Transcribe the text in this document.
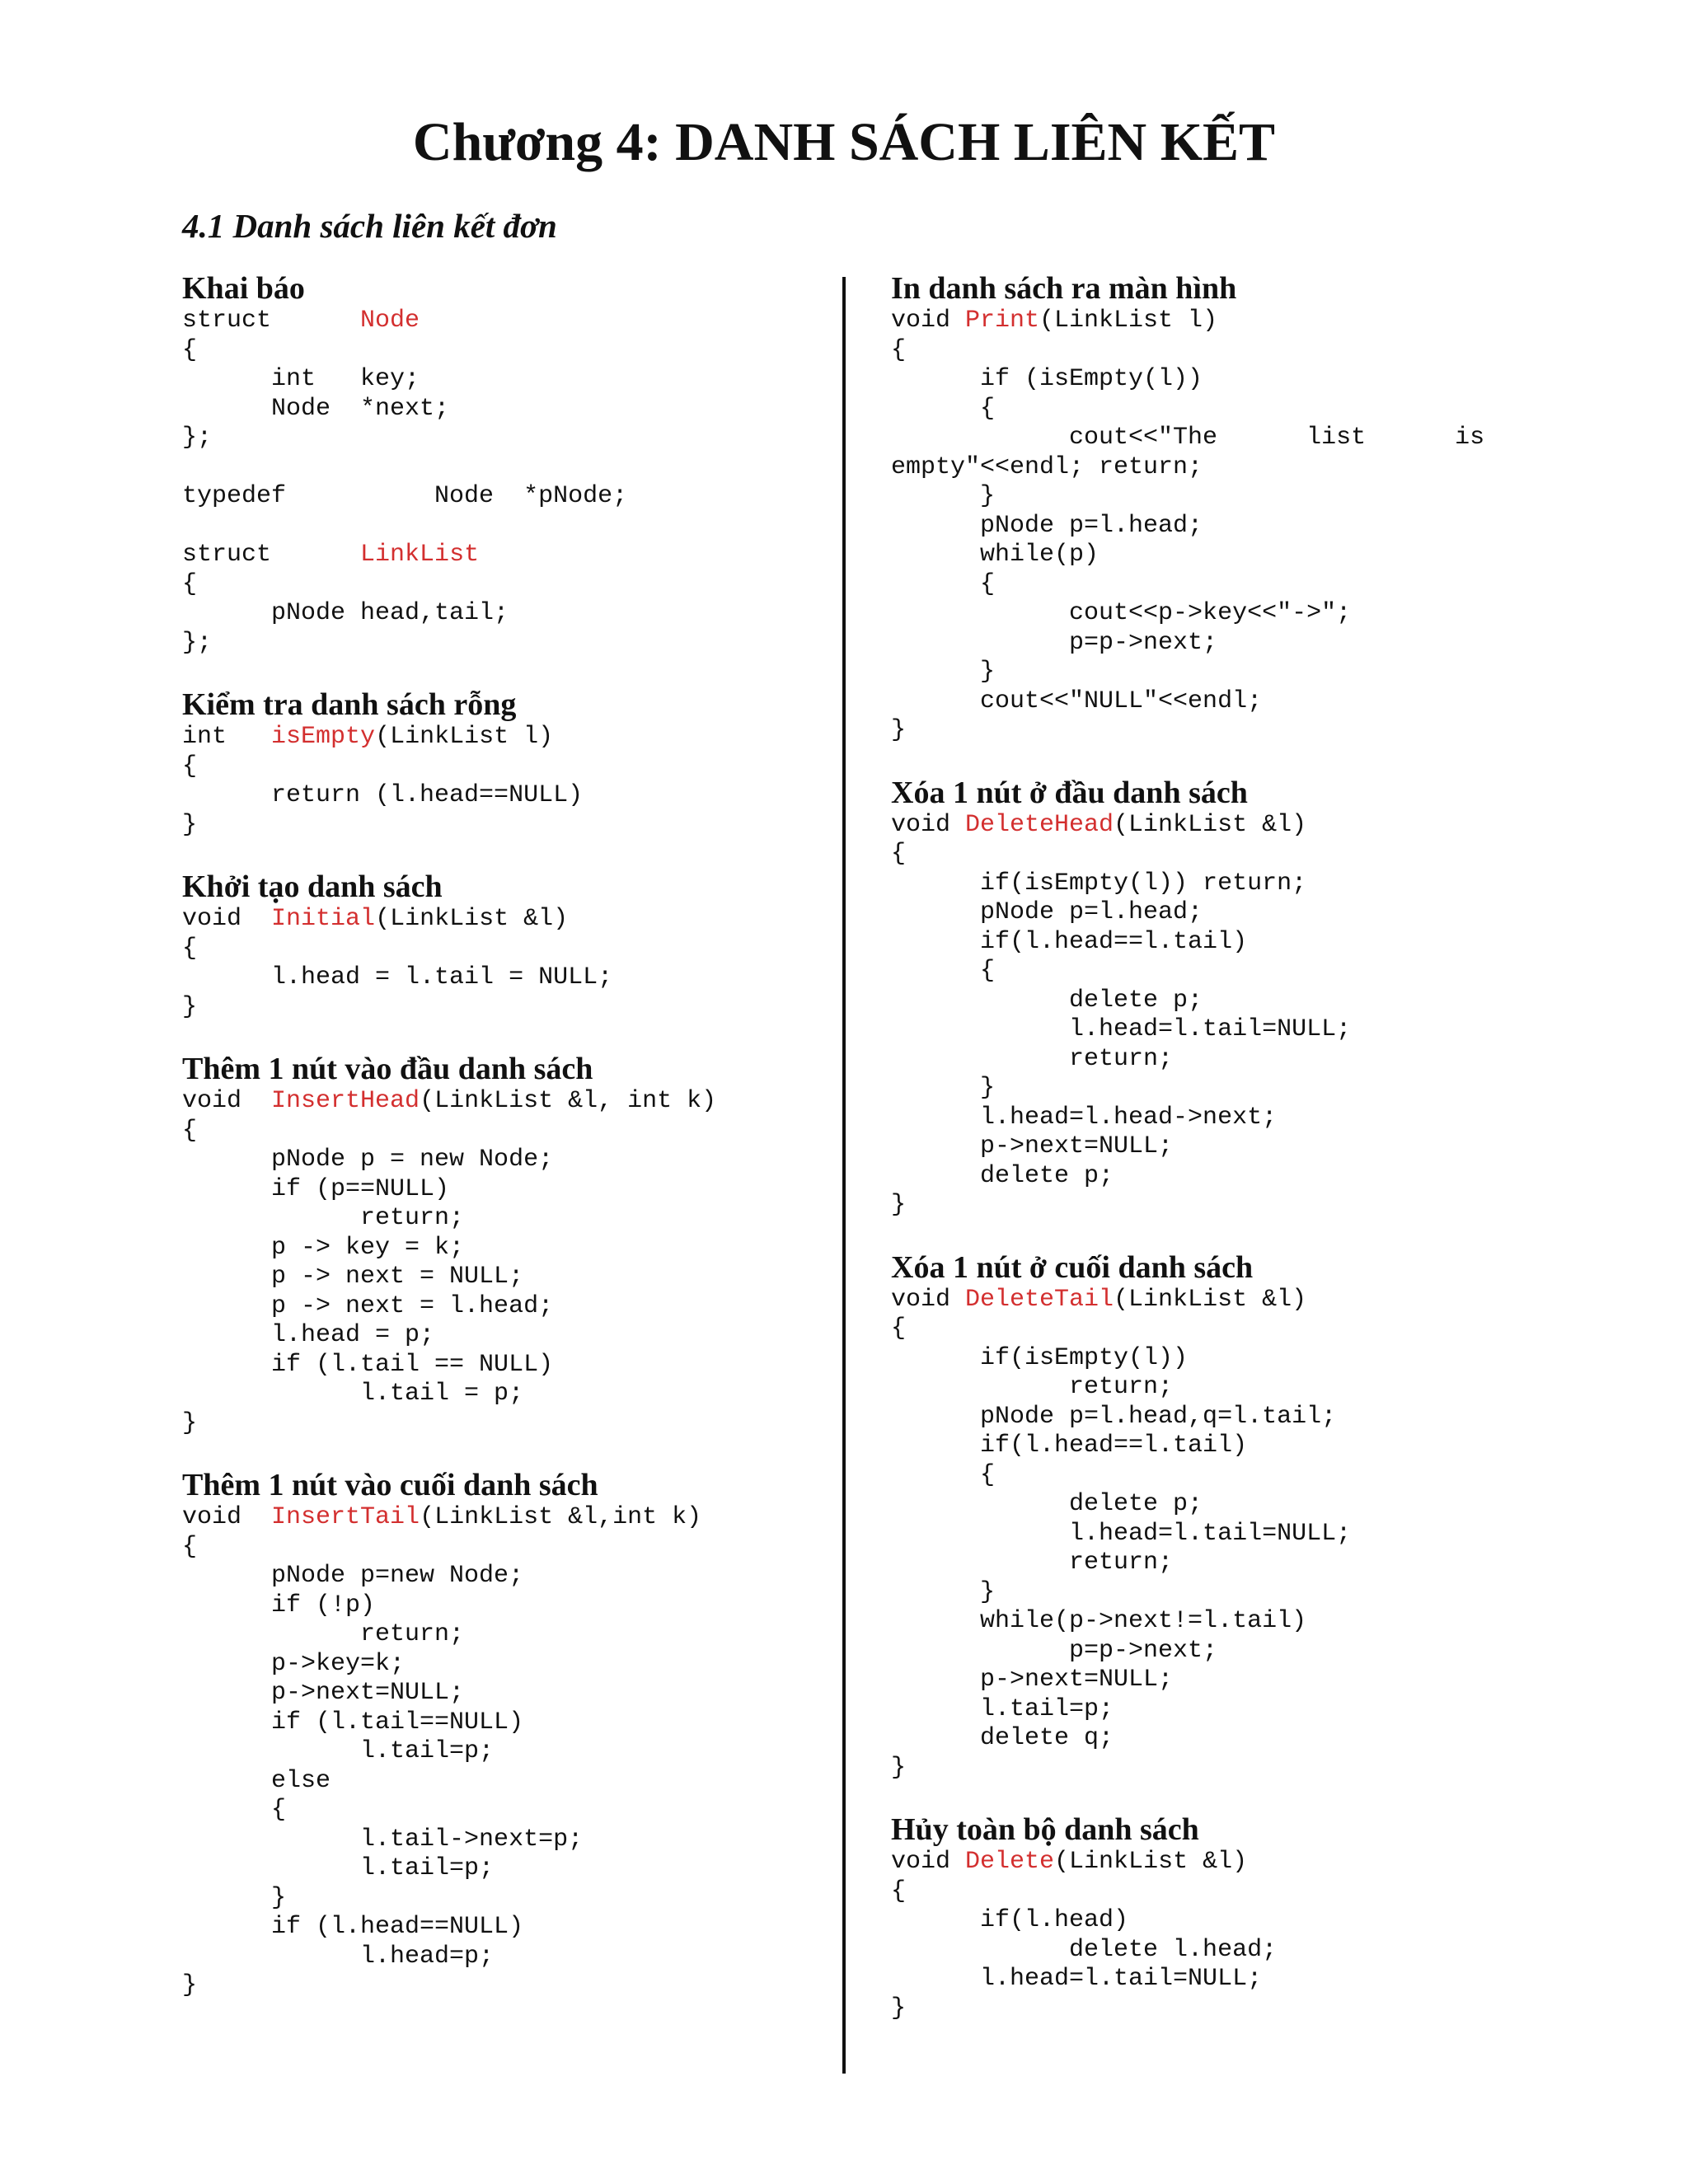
Chương 4: DANH SÁCH LIÊN KẾT
4.1 Danh sách liên kết đơn
Khai báo
struct      Node
{
int   key;
Node  *next;
};
typedef          Node  *pNode;
struct      LinkList
{
pNode head,tail;
};
Kiểm tra danh sách rỗng
int   isEmpty(LinkList l)
{
return (l.head==NULL)
}
Khởi tạo danh sách
void  Initial(LinkList &l)
{
l.head = l.tail = NULL;
}
Thêm 1 nút vào đầu danh sách
void  InsertHead(LinkList &l, int k)
{
pNode p = new Node;
if (p==NULL)
return;
p -> key = k;
p -> next = NULL;
p -> next = l.head;
l.head = p;
if (l.tail == NULL)
l.tail = p;
}
Thêm 1 nút vào cuối danh sách
void  InsertTail(LinkList &l,int k)
{
pNode p=new Node;
if (!p)
return;
p->key=k;
p->next=NULL;
if (l.tail==NULL)
l.tail=p;
else
{
l.tail->next=p;
l.tail=p;
}
if (l.head==NULL)
l.head=p;
}
In danh sách ra màn hình
void Print(LinkList l)
{
if (isEmpty(l))
{
cout<<"The      list      is
empty"<<endl; return;
}
pNode p=l.head;
while(p)
{
cout<<p->key<<"->";
p=p->next;
}
cout<<"NULL"<<endl;
}
Xóa 1 nút ở đầu danh sách
void DeleteHead(LinkList &l)
{
if(isEmpty(l)) return;
pNode p=l.head;
if(l.head==l.tail)
{
delete p;
l.head=l.tail=NULL;
return;
}
l.head=l.head->next;
p->next=NULL;
delete p;
}
Xóa 1 nút ở cuối danh sách
void DeleteTail(LinkList &l)
{
if(isEmpty(l))
return;
pNode p=l.head,q=l.tail;
if(l.head==l.tail)
{
delete p;
l.head=l.tail=NULL;
return;
}
while(p->next!=l.tail)
p=p->next;
p->next=NULL;
l.tail=p;
delete q;
}
Hủy toàn bộ danh sách
void Delete(LinkList &l)
{
if(l.head)
delete l.head;
l.head=l.tail=NULL;
}
